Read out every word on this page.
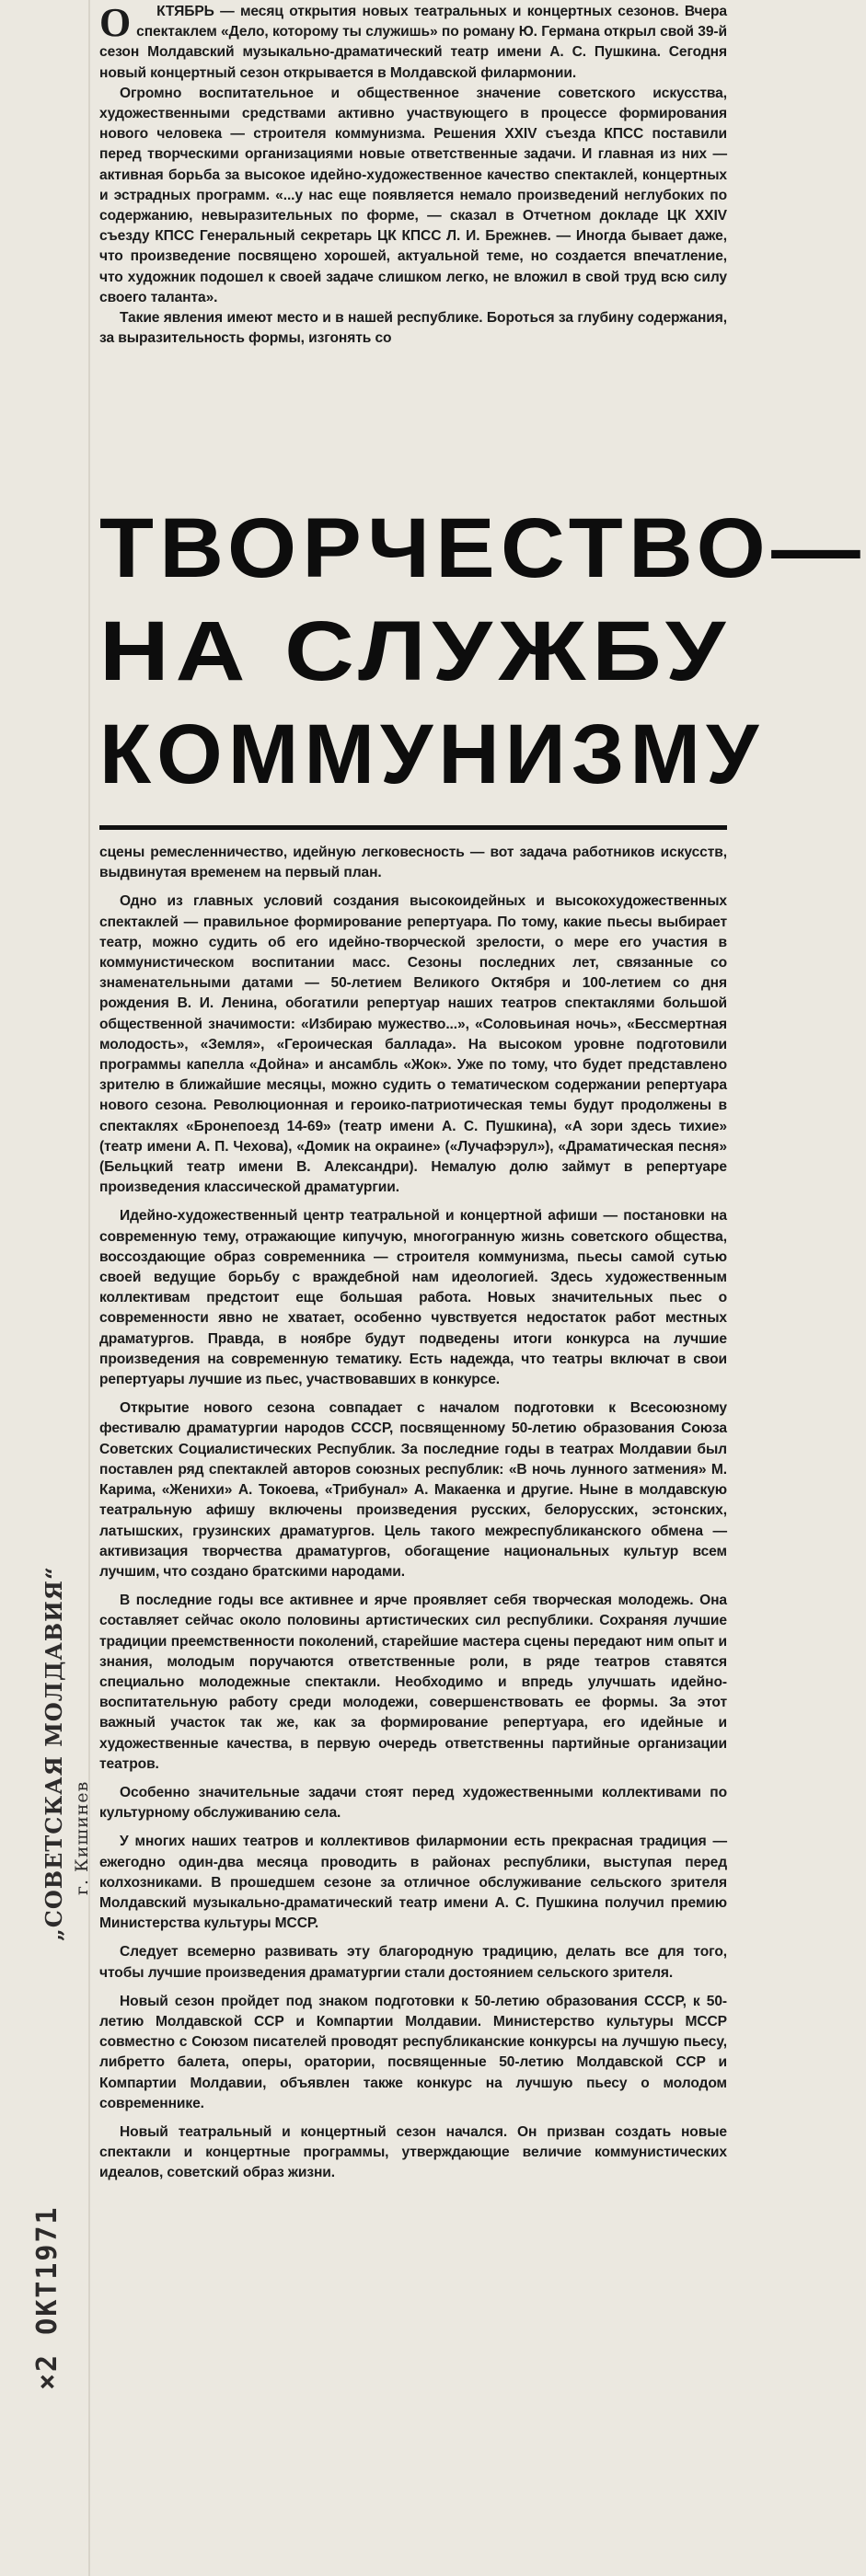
О КТЯБРЬ — месяц открытия новых театральных и концертных сезонов. Вчера спектаклем «Дело, которому ты служишь» по роману Ю. Германа открыл свой 39-й сезон Молдавский музыкально-драматический театр имени А. С. Пушкина. Сегодня новый концертный сезон открывается в Молдавской филармонии.

Огромно воспитательное и общественное значение советского искусства, художественными средствами активно участвующего в процессе формирования нового человека — строителя коммунизма. Решения XXIV съезда КПСС поставили перед творческими организациями новые ответственные задачи. И главная из них — активная борьба за высокое идейно-художественное качество спектаклей, концертных и эстрадных программ. «...у нас еще появляется немало произведений неглубоких по содержанию, невыразительных по форме, — сказал в Отчетном докладе ЦК XXIV съезду КПСС Генеральный секретарь ЦК КПСС Л. И. Брежнев. — Иногда бывает даже, что произведение посвящено хорошей, актуальной теме, но создается впечатление, что художник подошел к своей задаче слишком легко, не вложил в свой труд всю силу своего таланта».

Такие явления имеют место и в нашей республике. Бороться за глубину содержания, за выразительность формы, изгонять со

ТВОРЧЕСТВО—
НА СЛУЖБУ
КОММУНИЗМУ

сцены ремесленничество, идейную легковесность — вот задача работников искусств, выдвинутая временем на первый план.

Одно из главных условий создания высокоидейных и высокохудожественных спектаклей — правильное формирование репертуара. По тому, какие пьесы выбирает театр, можно судить об его идейно-творческой зрелости, о мере его участия в коммунистическом воспитании масс. Сезоны последних лет, связанные со знаменательными датами — 50-летием Великого Октября и 100-летием со дня рождения В. И. Ленина, обогатили репертуар наших театров спектаклями большой общественной значимости: «Избираю мужество...», «Соловьиная ночь», «Бессмертная молодость», «Земля», «Героическая баллада». На высоком уровне подготовили программы капелла «Дойна» и ансамбль «Жок». Уже по тому, что будет представлено зрителю в ближайшие месяцы, можно судить о тематическом содержании репертуара нового сезона. Революционная и героико-патриотическая темы будут продолжены в спектаклях «Бронепоезд 14-69» (театр имени А. С. Пушкина), «А зори здесь тихие» (театр имени А. П. Чехова), «Домик на окраине» («Лучафэрул»), «Драматическая песня» (Бельцкий театр имени В. Александри). Немалую долю займут в репертуаре произведения классической драматургии.

Идейно-художественный центр театральной и концертной афиши — постановки на современную тему, отражающие кипучую, многогранную жизнь советского общества, воссоздающие образ современника — строителя коммунизма, пьесы самой сутью своей ведущие борьбу с враждебной нам идеологией. Здесь художественным коллективам предстоит еще большая работа. Новых значительных пьес о современности явно не хватает, особенно чувствуется недостаток работ местных драматургов. Правда, в ноябре будут подведены итоги конкурса на лучшие произведения на современную тематику. Есть надежда, что театры включат в свои репертуары лучшие из пьес, участвовавших в конкурсе.

Открытие нового сезона совпадает с началом подготовки к Всесоюзному фестивалю драматургии народов СССР, посвященному 50-летию образования Союза Советских Социалистических Республик. За последние годы в театрах Молдавии был поставлен ряд спектаклей авторов союзных республик: «В ночь лунного затмения» М. Карима, «Женихи» А. Токоева, «Трибунал» А. Макаенка и другие. Ныне в молдавскую театральную афишу включены произведения русских, белорусских, эстонских, латышских, грузинских драматургов. Цель такого межреспубликанского обмена — активизация творчества драматургов, обогащение национальных культур всем лучшим, что создано братскими народами.

В последние годы все активнее и ярче проявляет себя творческая молодежь. Она составляет сейчас около половины артистических сил республики. Сохраняя лучшие традиции преемственности поколений, старейшие мастера сцены передают ним опыт и знания, молодым поручаются ответственные роли, в ряде театров ставятся специально молодежные спектакли. Необходимо и впредь улучшать идейно-воспитательную работу среди молодежи, совершенствовать ее формы. За этот важный участок так же, как за формирование репертуара, его идейные и художественные качества, в первую очередь ответственны партийные организации театров.

Особенно значительные задачи стоят перед художественными коллективами по культурному обслуживанию села.

У многих наших театров и коллективов филармонии есть прекрасная традиция — ежегодно один-два месяца проводить в районах республики, выступая перед колхозниками. В прошедшем сезоне за отличное обслуживание сельского зрителя Молдавский музыкально-драматический театр имени А. С. Пушкина получил премию Министерства культуры МССР.

Следует всемерно развивать эту благородную традицию, делать все для того, чтобы лучшие произведения драматургии стали достоянием сельского зрителя.

Новый сезон пройдет под знаком подготовки к 50-летию образования СССР, к 50-летию Молдавской ССР и Компартии Молдавии. Министерство культуры МССР совместно с Союзом писателей проводят республиканские конкурсы на лучшую пьесу, либретто балета, оперы, оратории, посвященные 50-летию Молдавской ССР и Компартии Молдавии, объявлен также конкурс на лучшую пьесу о молодом современнике.

Новый театральный и концертный сезон начался. Он призван создать новые спектакли и концертные программы, утверждающие величие коммунистических идеалов, советский образ жизни.

„СОВЕТСКАЯ МОЛДАВИЯ“ г. Кишинев
×2 ОКТ1971
